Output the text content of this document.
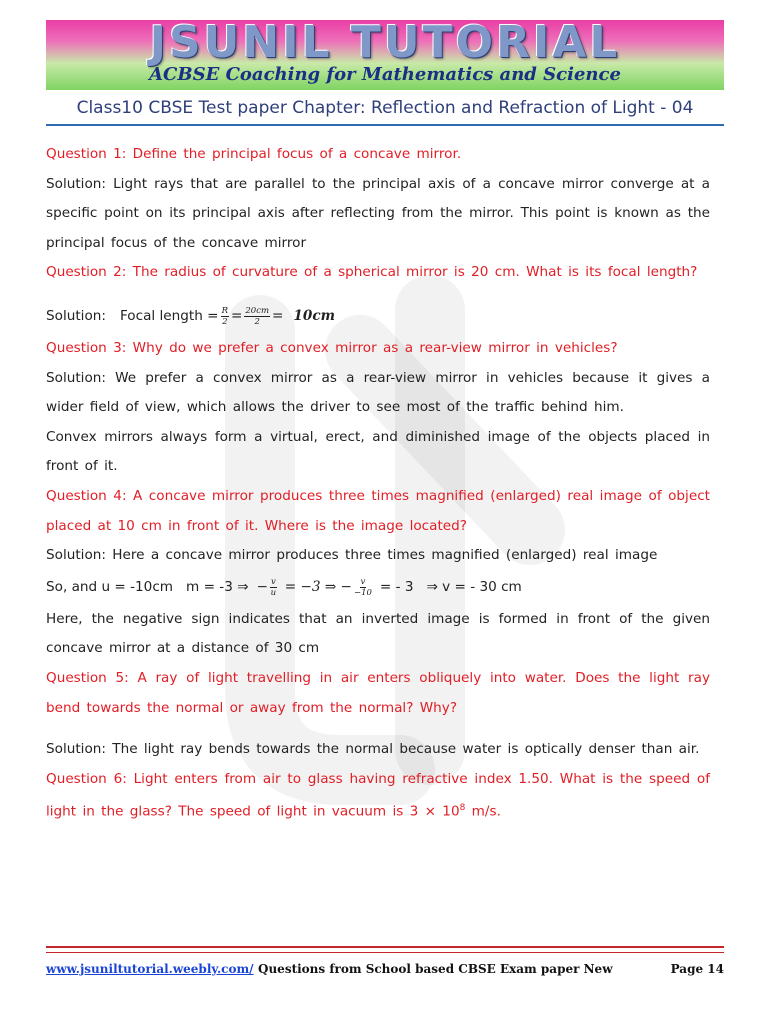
JSUNIL TUTORIAL
ACBSE Coaching for Mathematics and Science
Class10 CBSE Test paper Chapter: Reflection and Refraction of Light - 04

Question 1: Define the principal focus of a concave mirror.

Solution: Light rays that are parallel to the principal axis of a concave mirror converge at a specific point on its principal axis after reflecting from the mirror. This point is known as the principal focus of the concave mirror

Question 2: The radius of curvature of a spherical mirror is 20 cm. What is its focal length?

Solution: Focal length = $\frac{R}{2} = \frac{20cm}{2} = 10cm$

Question 3: Why do we prefer a convex mirror as a rear-view mirror in vehicles?

Solution: We prefer a convex mirror as a rear-view mirror in vehicles because it gives a wider field of view, which allows the driver to see most of the traffic behind him.

Convex mirrors always form a virtual, erect, and diminished image of the objects placed in front of it.

Question 4: A concave mirror produces three times magnified (enlarged) real image of object placed at 10 cm in front of it. Where is the image located?

Solution: Here a concave mirror produces three times magnified (enlarged) real image

So, and u = -10cm   m = -3 ⇒ − $\frac{v}{u} = -3$ ⇒ − $\frac{v}{-10}$ = - 3   ⇒ v = - 30 cm

Here, the negative sign indicates that an inverted image is formed in front of the given concave mirror at a distance of 30 cm

Question 5: A ray of light travelling in air enters obliquely into water. Does the light ray bend towards the normal or away from the normal? Why?

Solution: The light ray bends towards the normal because water is optically denser than air.

Question 6: Light enters from air to glass having refractive index 1.50. What is the speed of light in the glass? The speed of light in vacuum is $3 \times 10^8$ m/s.

www.jsuniltutorial.weebly.com/ Questions from School based CBSE Exam paper New	Page 14
